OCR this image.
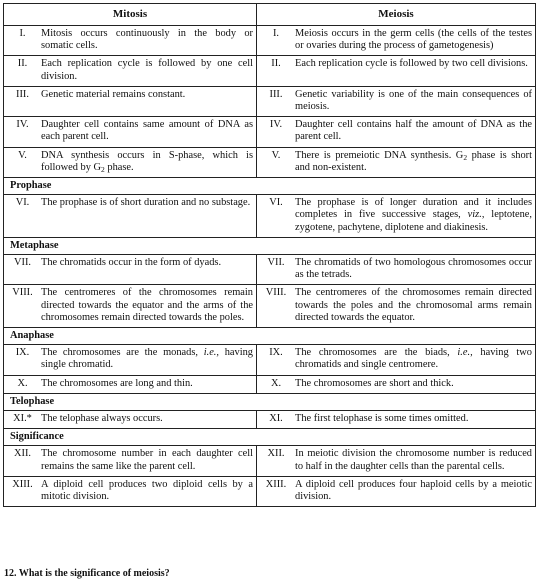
Mitosis	Meiosis

I. Mitosis occurs continuously in the body or somatic cells.	I. Meiosis occurs in the germ cells (the cells of the testes or ovaries during the process of gametogenesis)

II. Each replication cycle is followed by one cell division.	II. Each replication cycle is followed by two cell divisions.

III. Genetic material remains constant.	III. Genetic variability is one of the main consequences of meiosis.

IV. Daughter cell contains same amount of DNA as each parent cell.	IV. Daughter cell contains half the amount of DNA as the parent cell.

V. DNA synthesis occurs in S-phase, which is followed by $G_2$ phase.	V. There is premeiotic DNA synthesis. $G_2$ phase is short and non-existent.

Prophase	

VI. The prophase is of short duration and no substage.	VI. The prophase is of longer duration and it includes completes in five successive stages, viz., leptotene, zygotene, pachytene, diplotene and diakinesis.

Metaphase	

VII. The chromatids occur in the form of dyads.	VII. The chromatids of two homologous chromosomes occur as the tetrads.

VIII. The centromeres of the chromosomes remain directed towards the equator and the arms of the chromosomes remain directed towards the poles.	VIII. The centromeres of the chromosomes remain directed towards the poles and the chromosomal arms remain directed towards the equator.

Anaphase	

IX. The chromosomes are the monads, i.e., having single chromatid.	IX. The chromosomes are the biads, i.e., having two chromatids and single centromere.

X. The chromosomes are long and thin.	X. The chromosomes are short and thick.

Telophase	

XI.* The telophase always occurs.	XI. The first telophase is some times omitted.

Significance	

XII. The chromosome number in each daughter cell remains the same like the parent cell.	XII. In meiotic division the chromosome number is reduced to half in the daughter cells than the parental cells.

XIII. A diploid cell produces two diploid cells by a mitotic division.	XIII. A diploid cell produces four haploid cells by a meiotic division.
12. What is the significance of meiosis?
